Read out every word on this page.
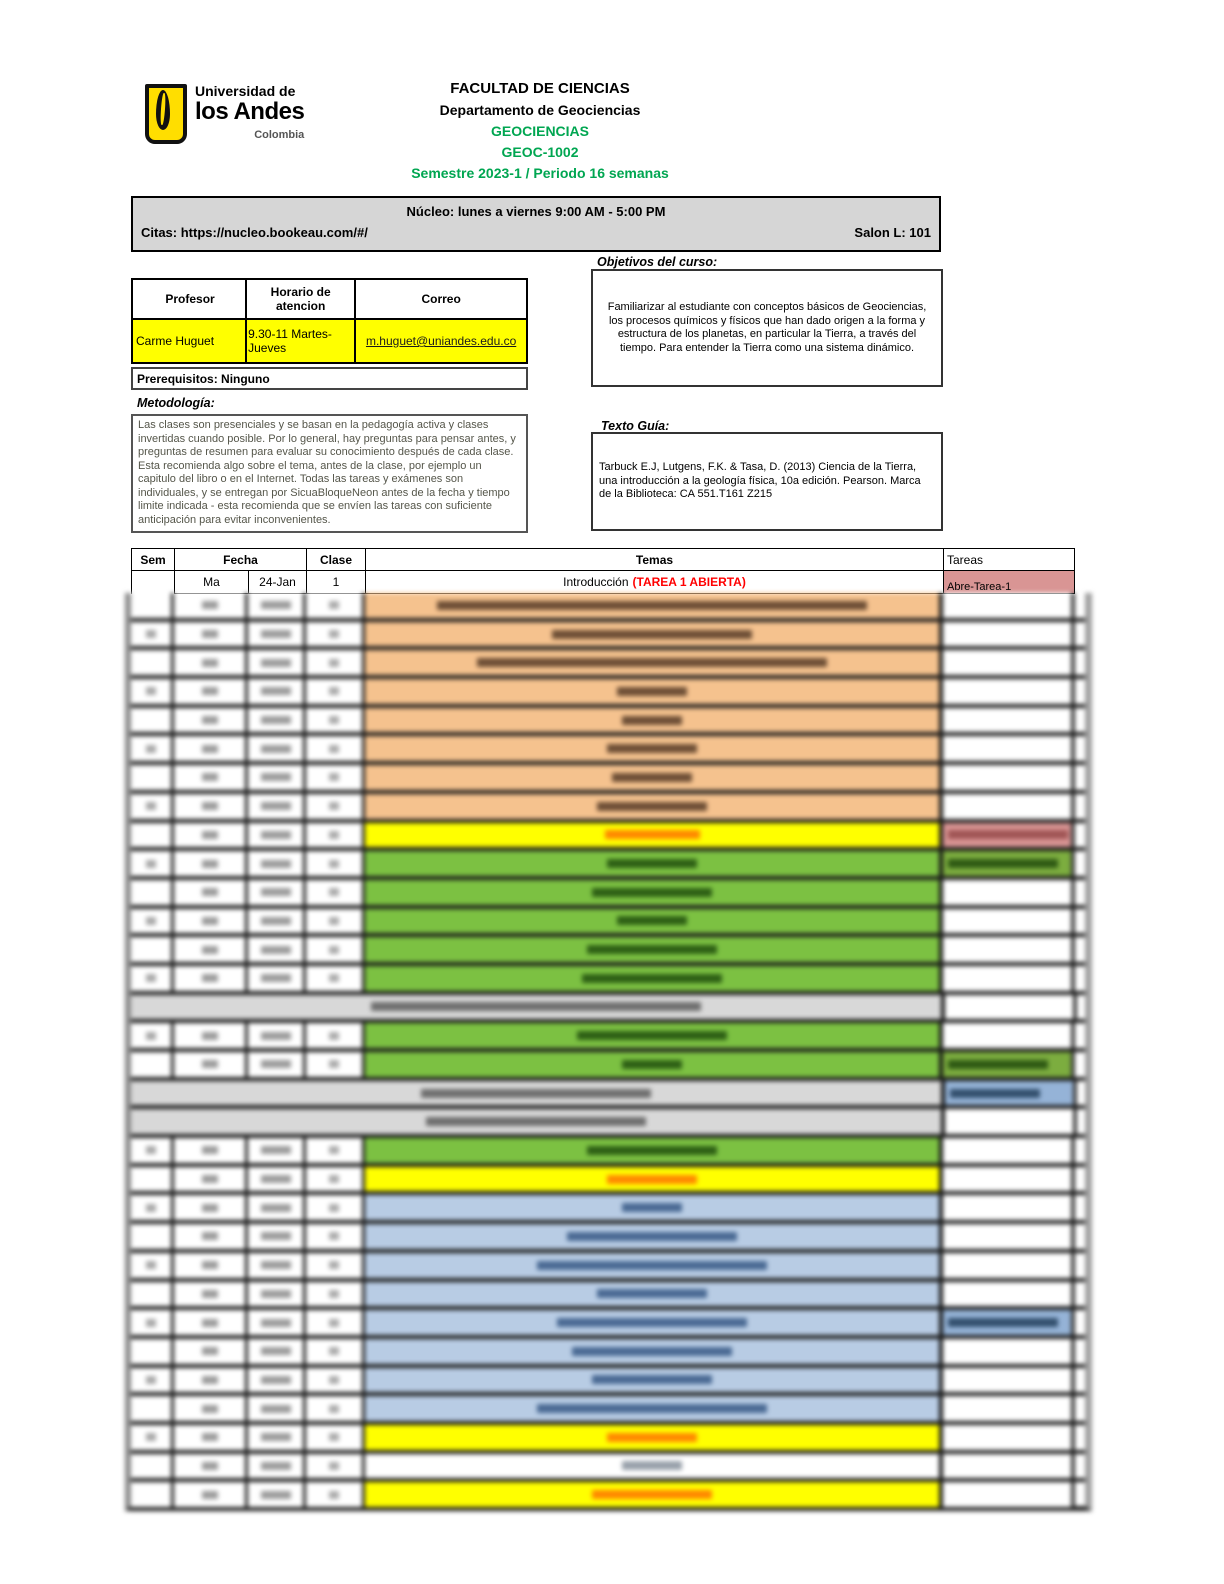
Universidad de
los Andes
Colombia
FACULTAD DE CIENCIAS
Departamento de Geociencias
GEOCIENCIAS
GEOC-1002
Semestre 2023-1 / Periodo 16 semanas
Núcleo: lunes a viernes 9:00 AM - 5:00 PM
Citas: https://nucleo.bookeau.com/#/	Salon L: 101
Profesor	Horario de atencion	Correo
Carme Huguet	9.30-11 Martes-Jueves	m.huguet@uniandes.edu.co
Prerequisitos: Ninguno
Metodología:
Las clases son presenciales y se basan en la pedagogía activa y clases invertidas cuando posible. Por lo general, hay preguntas para pensar antes, y preguntas de resumen para evaluar su conocimiento después de cada clase. Esta recomienda algo sobre el tema, antes de la clase, por ejemplo un capitulo del libro o en el Internet. Todas las tareas y exámenes son individuales, y se entregan por SicuaBloqueNeon antes de la fecha y tiempo limite indicada - esta recomienda que se envíen las tareas con suficiente anticipación para evitar inconvenientes.
Objetivos del curso:
Familiarizar al estudiante con conceptos básicos de Geociencias, los procesos químicos y físicos que han dado origen a la forma y estructura de los planetas, en particular la Tierra, a través del tiempo. Para entender la Tierra como una sistema dinámico.
Texto Guía:
Tarbuck E.J, Lutgens, F.K. & Tasa, D. (2013) Ciencia de la Tierra, una introducción a la geología física, 10a edición. Pearson. Marca de la Biblioteca: CA 551.T161 Z215
Sem	Fecha	Clase	Temas	Tareas
Ma	24-Jan	1	Introducción (TAREA 1 ABIERTA)	Abre-Tarea-1
